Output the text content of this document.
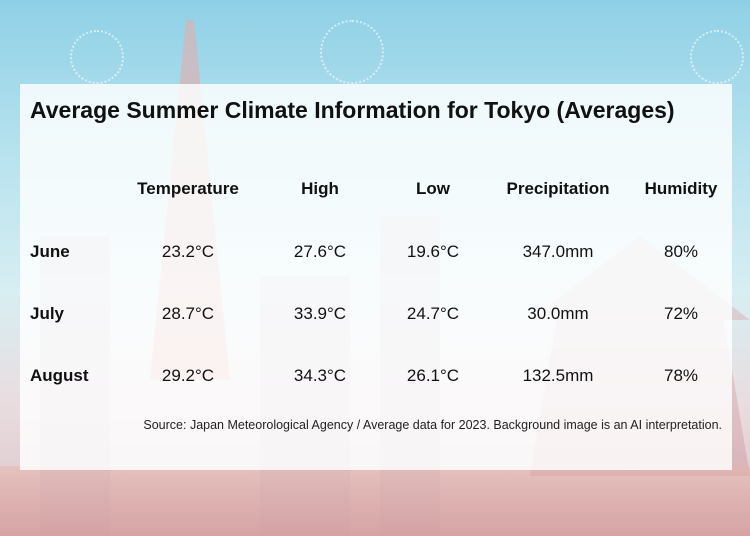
Average Summer Climate Information for Tokyo (Averages)
	Temperature	High	Low	Precipitation	Humidity
June	23.2°C	27.6°C	19.6°C	347.0mm	80%
July	28.7°C	33.9°C	24.7°C	30.0mm	72%
August	29.2°C	34.3°C	26.1°C	132.5mm	78%
Source: Japan Meteorological Agency / Average data for 2023. Background image is an AI interpretation.
